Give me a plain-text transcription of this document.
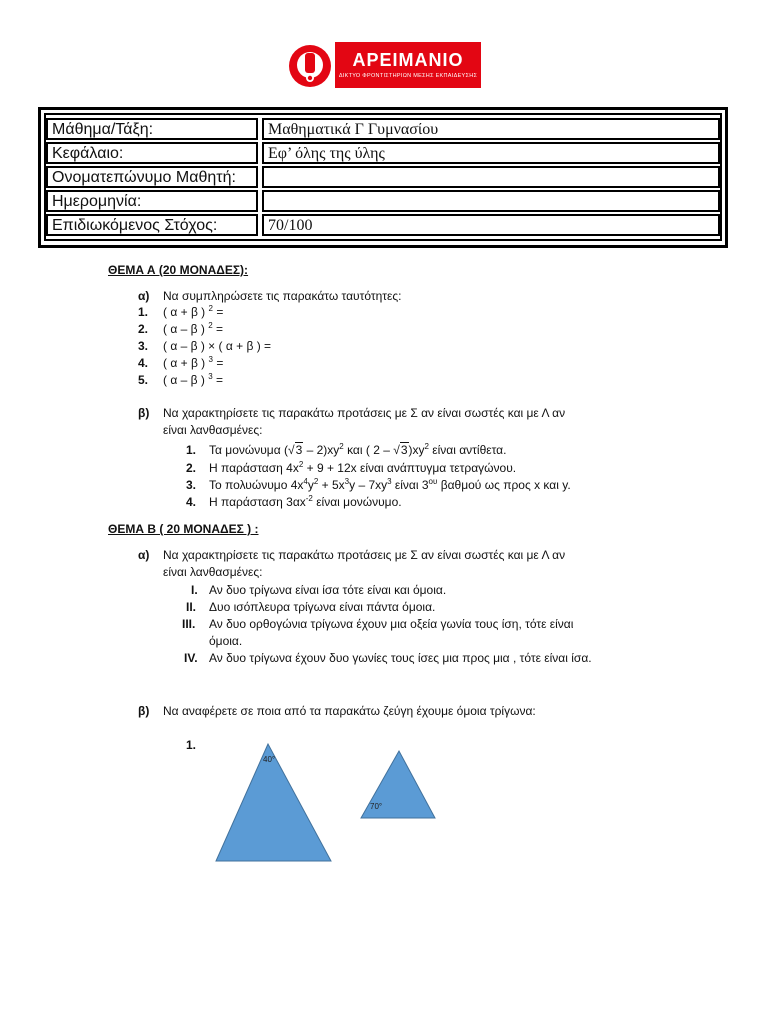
ΑΡΕΙΜΑΝΙΟ
ΔΙΚΤΥΟ ΦΡΟΝΤΙΣΤΗΡΙΩΝ ΜΕΣΗΣ ΕΚΠΑΙΔΕΥΣΗΣ
Μάθημα/Τάξη:	Μαθηματικά Γ Γυμνασίου
Κεφάλαιο:	Εφ’ όλης της ύλης
Ονοματεπώνυμο Μαθητή:
Ημερομηνία:
Επιδιωκόμενος Στόχος:	70/100
ΘΕΜΑ Α (20 ΜΟΝΑΔΕΣ):
α) Να συμπληρώσετε τις παρακάτω ταυτότητες:
1. ( α + β ) $^2$ =
2. ( α – β ) $^2$ =
3. ( α – β ) × ( α + β ) =
4. ( α + β ) $^3$ =
5. ( α – β ) $^3$ =
β) Να χαρακτηρίσετε τις παρακάτω προτάσεις με Σ αν είναι σωστές και με Λ αν
είναι λανθασμένες:
1. Τα μονώνυμα $(√3 - 2)xy^2$ και ( $2 - √3)xy^2$ είναι αντίθετα.
2. Η παράσταση $4x^2 + 9 + 12x$ είναι ανάπτυγμα τετραγώνου.
3. Το πολυώνυμο $4x^4y^2 + 5x^3y - 7xy^3$ είναι $3^{o\upsilon}$ βαθμού ως προς x και y.
4. Η παράσταση $3\alpha x^{-2}$ είναι μονώνυμο.
ΘΕΜΑ Β ( 20 ΜΟΝΑΔΕΣ ) :
α) Να χαρακτηρίσετε τις παρακάτω προτάσεις με Σ αν είναι σωστές και με Λ αν
είναι λανθασμένες:
I. Αν δυο τρίγωνα είναι ίσα τότε είναι και όμοια.
II. Δυο ισόπλευρα τρίγωνα είναι πάντα όμοια.
III. Αν δυο ορθογώνια τρίγωνα έχουν μια οξεία γωνία τους ίση, τότε είναι
όμοια.
IV. Αν δυο τρίγωνα έχουν δυο γωνίες τους ίσες μια προς μια , τότε είναι ίσα.
β) Να αναφέρετε σε ποια από τα παρακάτω ζεύγη έχουμε όμοια τρίγωνα:
1.
40°
70°
